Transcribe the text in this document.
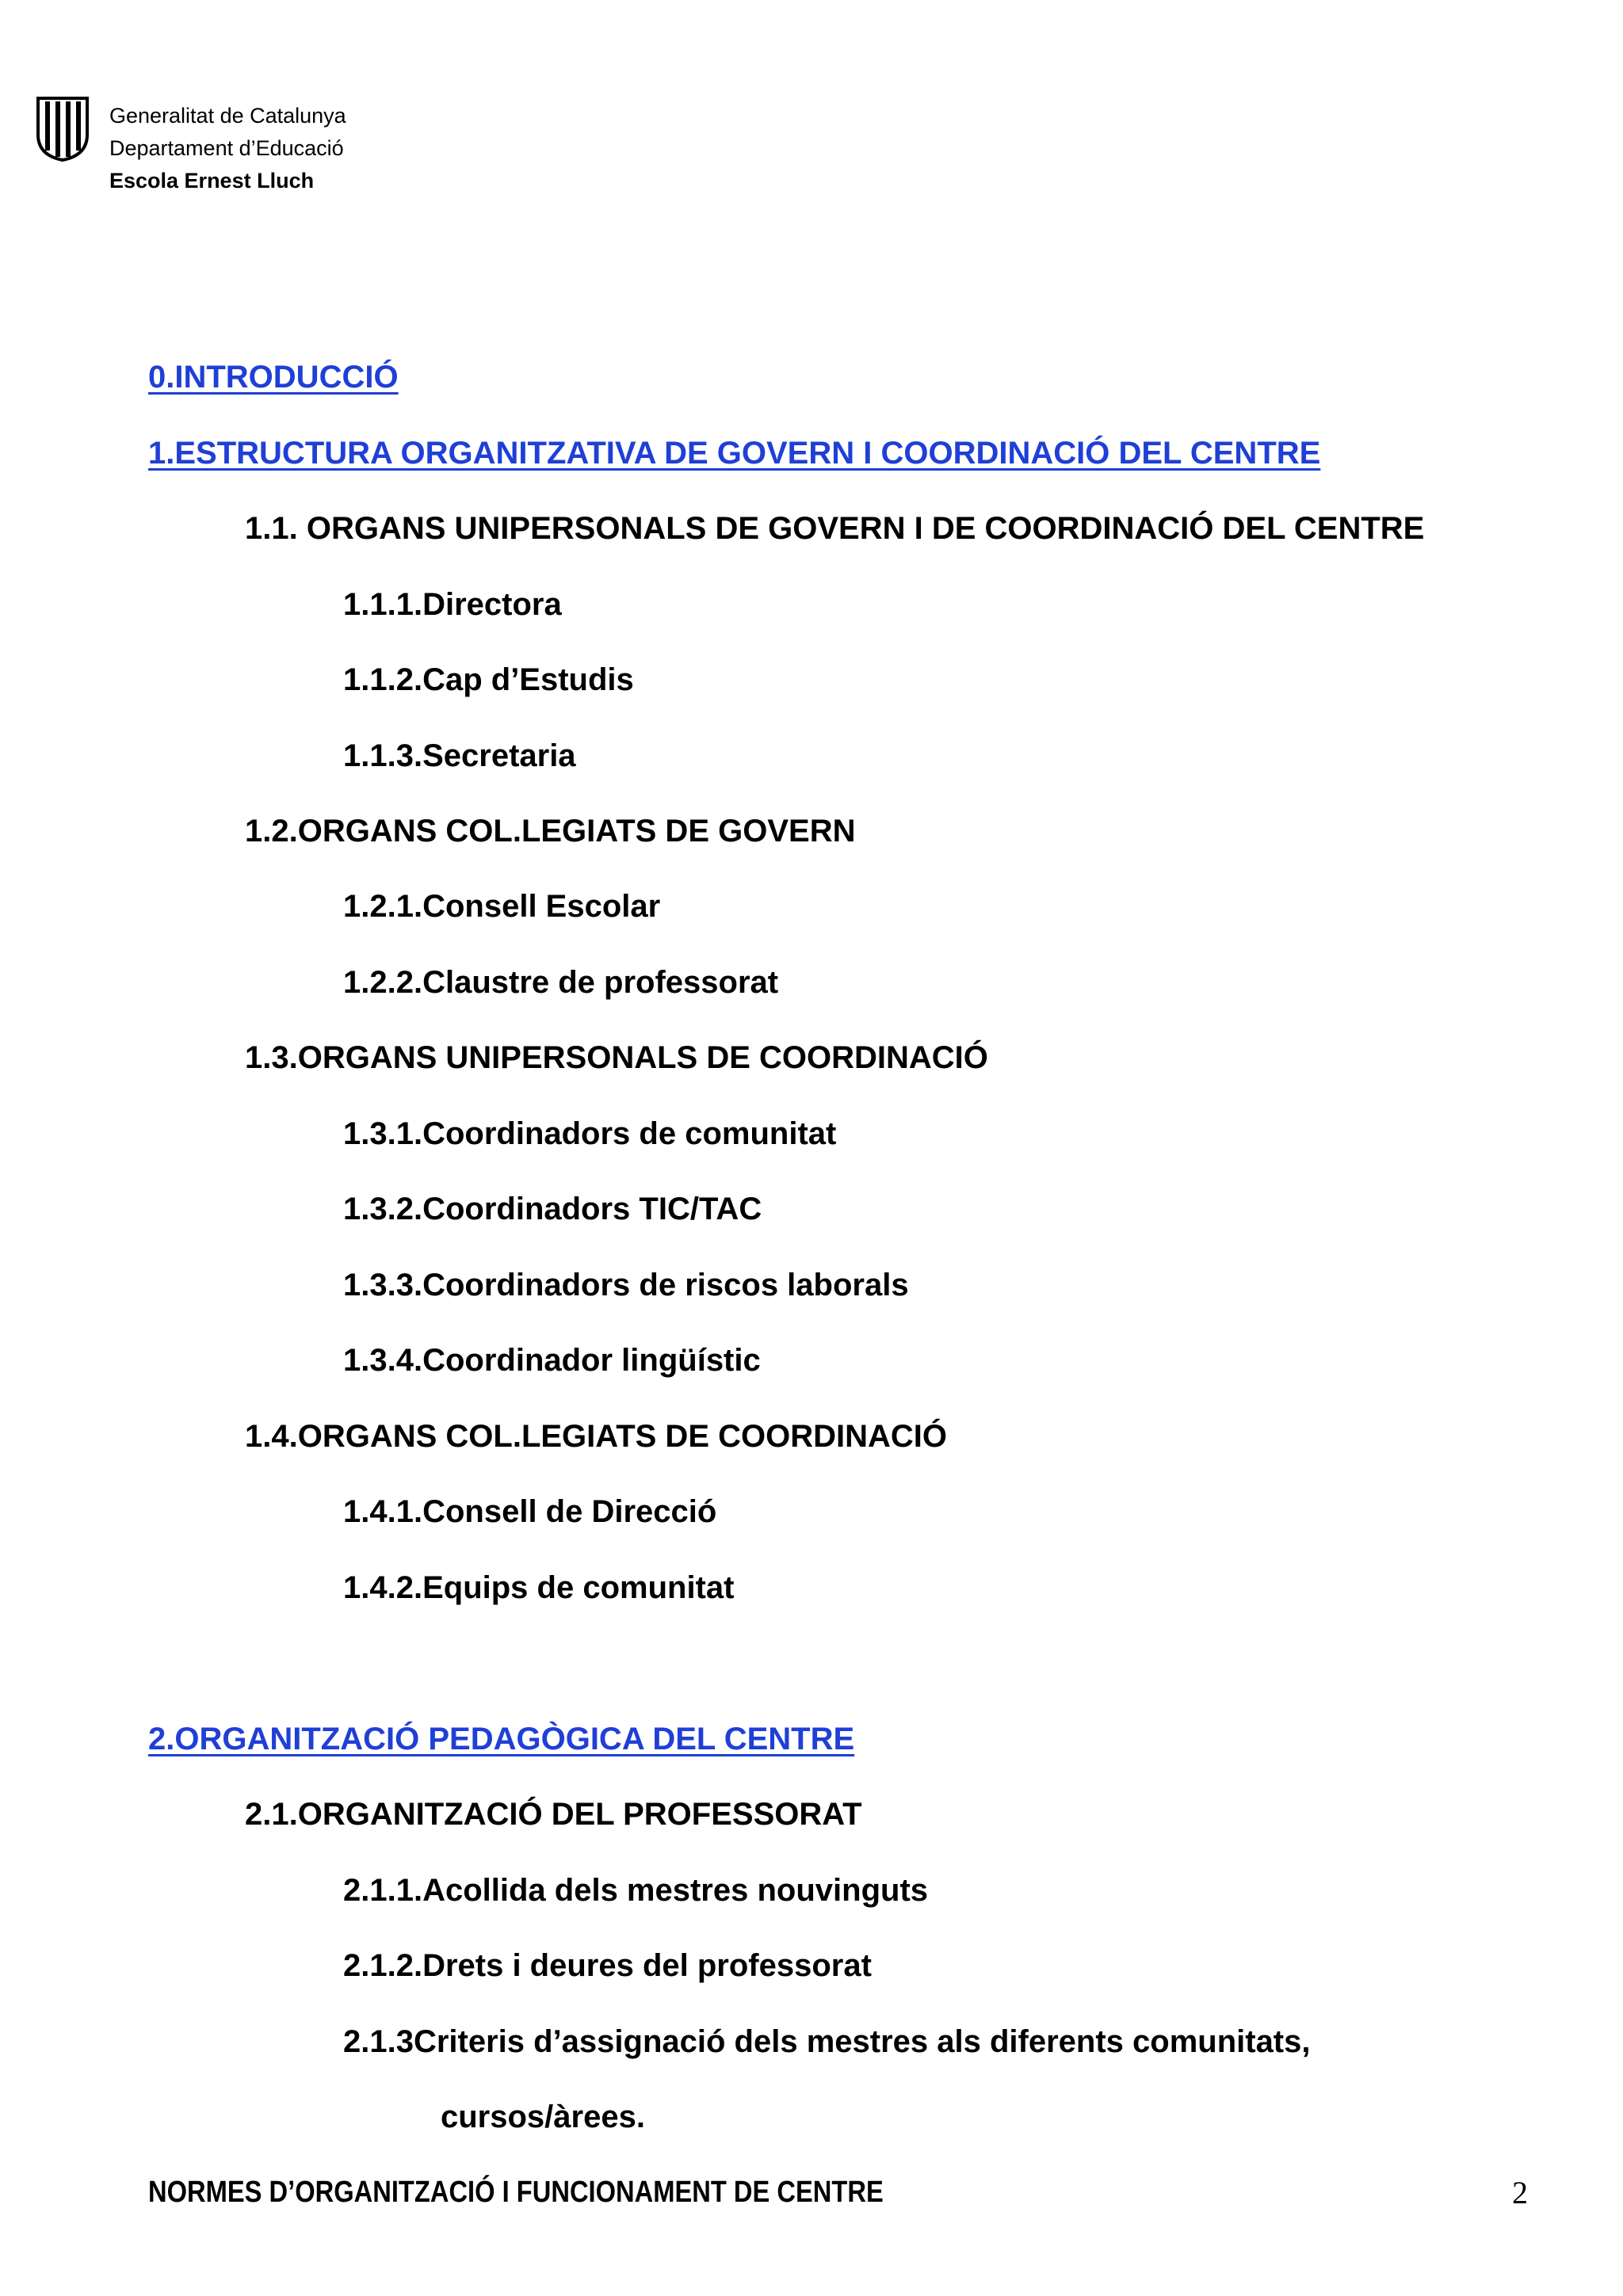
Generalitat de Catalunya
Departament d’Educació
Escola Ernest Lluch
0.INTRODUCCIÓ
1.ESTRUCTURA ORGANITZATIVA DE GOVERN I COORDINACIÓ DEL CENTRE
1.1. ORGANS UNIPERSONALS DE GOVERN I DE COORDINACIÓ DEL CENTRE
1.1.1.Directora
1.1.2.Cap d’Estudis
1.1.3.Secretaria
1.2.ORGANS COL.LEGIATS DE GOVERN
1.2.1.Consell Escolar
1.2.2.Claustre de professorat
1.3.ORGANS UNIPERSONALS DE COORDINACIÓ
1.3.1.Coordinadors de comunitat
1.3.2.Coordinadors TIC/TAC
1.3.3.Coordinadors de riscos laborals
1.3.4.Coordinador lingüístic
1.4.ORGANS COL.LEGIATS DE COORDINACIÓ
1.4.1.Consell de Direcció
1.4.2.Equips de comunitat
2.ORGANITZACIÓ PEDAGÒGICA DEL CENTRE
2.1.ORGANITZACIÓ DEL PROFESSORAT
2.1.1.Acollida dels mestres nouvinguts
2.1.2.Drets i deures del professorat
2.1.3Criteris d’assignació dels mestres als diferents comunitats,
cursos/àrees.
NORMES D’ORGANITZACIÓ I FUNCIONAMENT DE CENTRE	2
